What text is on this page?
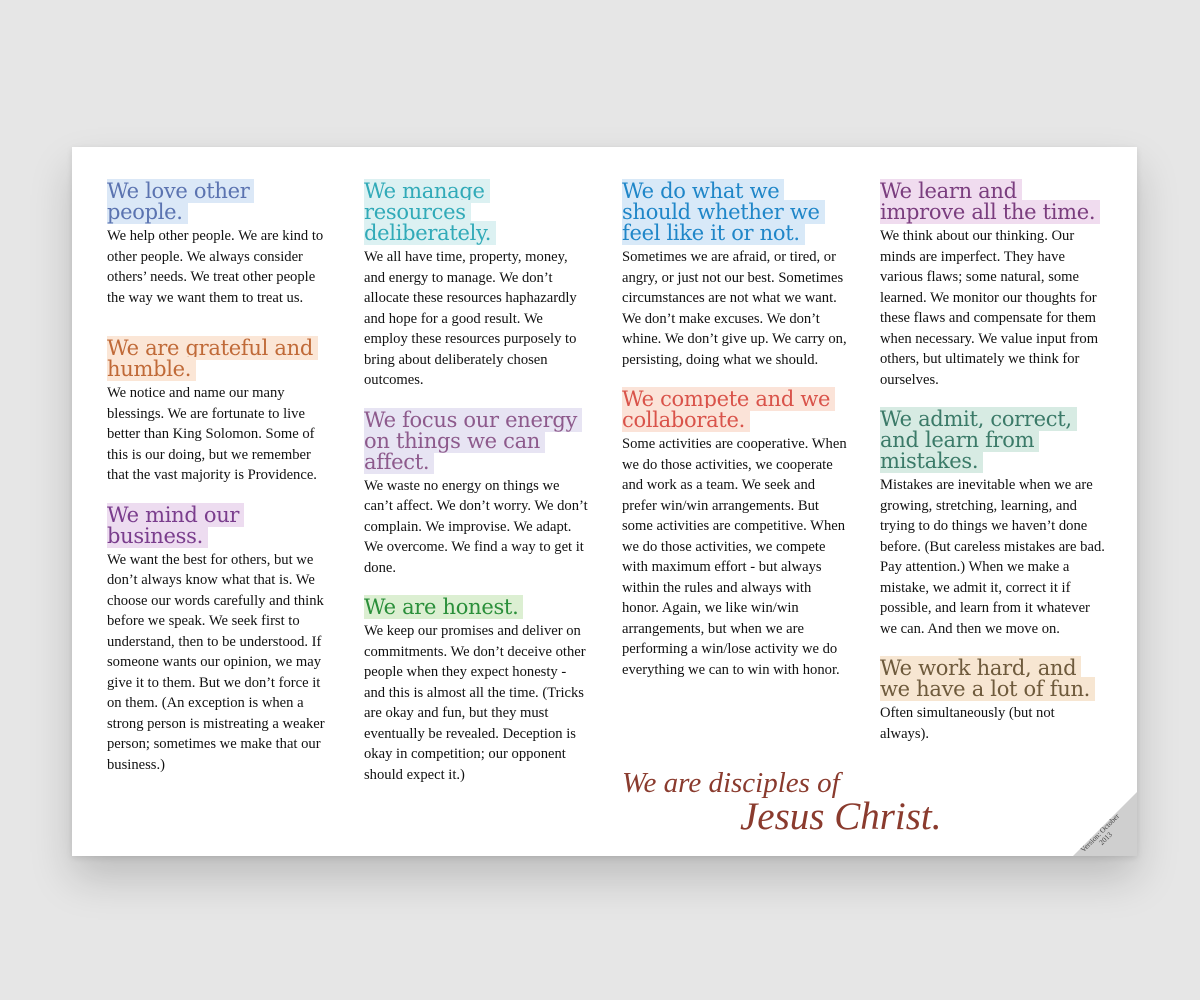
We love other people.

We help other people. We are kind to other people. We always consider others’ needs. We treat other people the way we want them to treat us.

We are grateful and humble.

We notice and name our many blessings. We are fortunate to live better than King Solomon. Some of this is our doing, but we remember that the vast majority is Providence.

We mind our business.

We want the best for others, but we don’t always know what that is. We choose our words carefully and think before we speak. We seek first to understand, then to be understood. If someone wants our opinion, we may give it to them. But we don’t force it on them. (An exception is when a strong person is mistreating a weaker person; sometimes we make that our business.)

We manage resources deliberately.

We all have time, property, money, and energy to manage. We don’t allocate these resources haphazardly and hope for a good result. We employ these resources purposely to bring about deliberately chosen outcomes.

We focus our energy on things we can affect.

We waste no energy on things we can’t affect. We don’t worry. We don’t complain. We improvise. We adapt. We overcome. We find a way to get it done.

We are honest.

We keep our promises and deliver on commitments. We don’t deceive other people when they expect honesty - and this is almost all the time. (Tricks are okay and fun, but they must eventually be revealed. Deception is okay in competition; our opponent should expect it.)

We do what we should whether we feel like it or not.

Sometimes we are afraid, or tired, or angry, or just not our best. Sometimes circumstances are not what we want. We don’t make excuses. We don’t whine. We don’t give up. We carry on, persisting, doing what we should.

We compete and we collaborate.

Some activities are cooperative. When we do those activities, we cooperate and work as a team. We seek and prefer win/win arrangements. But some activities are competitive. When we do those activities, we compete with maximum effort - but always within the rules and always with honor. Again, we like win/win arrangements, but when we are performing a win/lose activity we do everything we can to win with honor.

We learn and improve all the time.

We think about our thinking. Our minds are imperfect. They have various flaws; some natural, some learned. We monitor our thoughts for these flaws and compensate for them when necessary. We value input from others, but ultimately we think for ourselves.

We admit, correct, and learn from mistakes.

Mistakes are inevitable when we are growing, stretching, learning, and trying to do things we haven’t done before. (But careless mistakes are bad. Pay attention.) When we make a mistake, we admit it, correct it if possible, and learn from it whatever we can. And then we move on.

We work hard, and we have a lot of fun.

Often simultaneously (but not always).

We are disciples of
Jesus Christ.	Version: October 2013
